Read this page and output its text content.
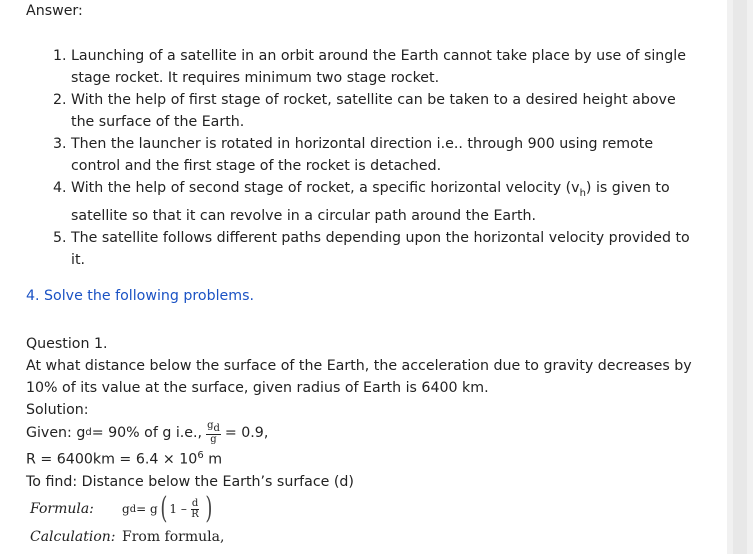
Answer:
1. Launching of a satellite in an orbit around the Earth cannot take place by use of single stage rocket. It requires minimum two stage rocket.
2. With the help of first stage of rocket, satellite can be taken to a desired height above the surface of the Earth.
3. Then the launcher is rotated in horizontal direction i.e.. through 900 using remote control and the first stage of the rocket is detached.
4. With the help of second stage of rocket, a specific horizontal velocity $(v_h)$ is given to satellite so that it can revolve in a circular path around the Earth.
5. The satellite follows different paths depending upon the horizontal velocity provided to it.
4. Solve the following problems.
Question 1.
At what distance below the surface of the Earth, the acceleration due to gravity decreases by 10% of its value at the surface, given radius of Earth is 6400 km.
Solution:
Given: g d = 90% of g i.e., $\frac{g_d}{g} = 0.9$,
$R = 6400km = 6.4 \times 10^6$ m
To find: Distance below the Earth’s surface (d)
Formula:	g d = g ( $1 - \frac{d}{R}$ )
Calculation: From formula,
